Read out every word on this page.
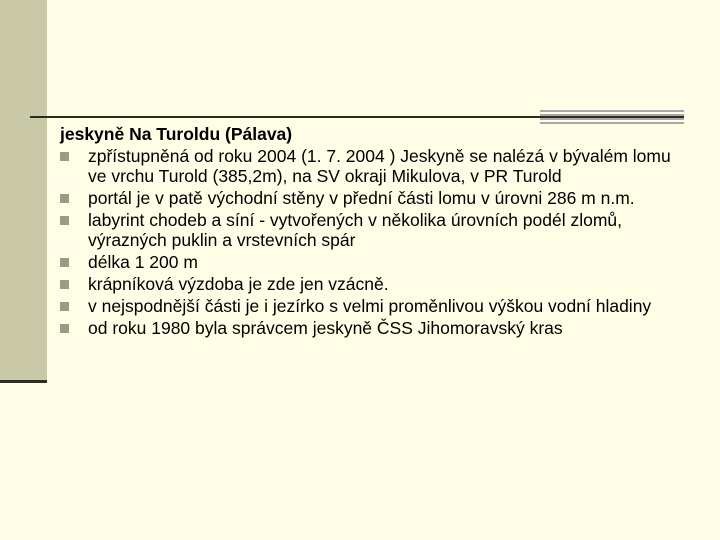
jeskyně Na Turoldu (Pálava)
zpřístupněná od roku 2004 (1. 7. 2004 ) Jeskyně se nalézá v bývalém lomu ve vrchu Turold (385,2m), na SV okraji Mikulova, v PR Turold
portál je v patě východní stěny v přední části lomu v úrovni 286 m n.m.
labyrint chodeb a síní - vytvořených v několika úrovních podél zlomů, výrazných puklin a vrstevních spár
délka 1 200 m
krápníková výzdoba je zde jen vzácně.
v nejspodnější části je i jezírko s velmi proměnlivou výškou vodní hladiny
od roku 1980 byla správcem jeskyně ČSS Jihomoravský kras
